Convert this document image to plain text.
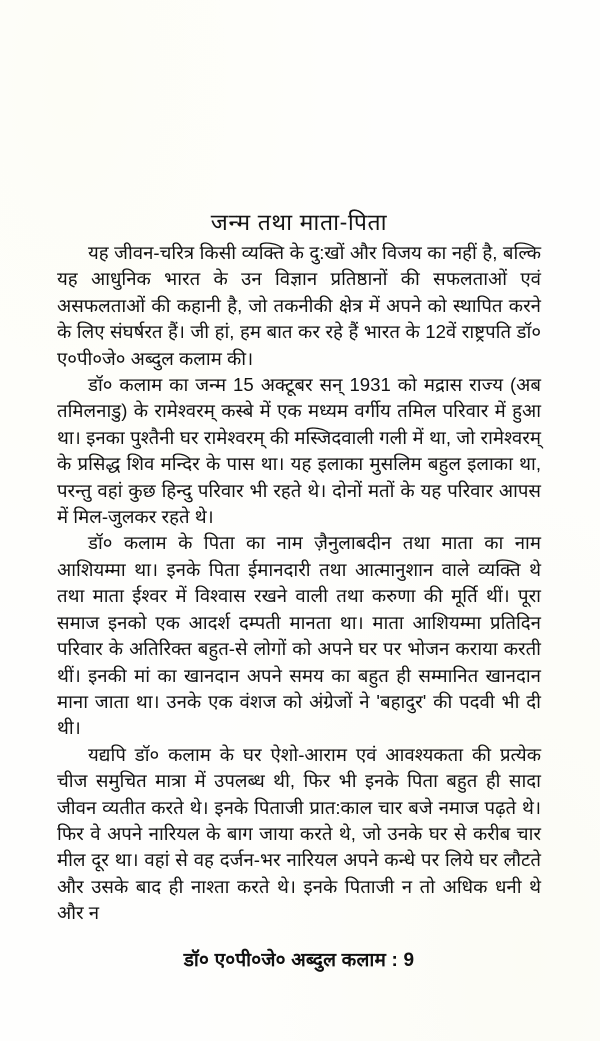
जन्म तथा माता-पिता

यह जीवन-चरित्र किसी व्यक्ति के दु:खों और विजय का नहीं है, बल्कि यह आधुनिक भारत के उन विज्ञान प्रतिष्ठानों की सफलताओं एवं असफलताओं की कहानी है, जो तकनीकी क्षेत्र में अपने को स्थापित करने के लिए संघर्षरत हैं। जी हां, हम बात कर रहे हैं भारत के 12वें राष्ट्रपति डॉ० ए०पी०जे० अब्दुल कलाम की।

डॉ० कलाम का जन्म 15 अक्टूबर सन् 1931 को मद्रास राज्य (अब तमिलनाडु) के रामेश्वरम् कस्बे में एक मध्यम वर्गीय तमिल परिवार में हुआ था। इनका पुश्तैनी घर रामेश्वरम् की मस्जिदवाली गली में था, जो रामेश्वरम् के प्रसिद्ध शिव मन्दिर के पास था। यह इलाका मुसलिम बहुल इलाका था, परन्तु वहां कुछ हिन्दु परिवार भी रहते थे। दोनों मतों के यह परिवार आपस में मिल-जुलकर रहते थे।

डॉ० कलाम के पिता का नाम ज़ैनुलाबदीन तथा माता का नाम आशियम्मा था। इनके पिता ईमानदारी तथा आत्मानुशान वाले व्यक्ति थे तथा माता ईश्वर में विश्वास रखने वाली तथा करुणा की मूर्ति थीं। पूरा समाज इनको एक आदर्श दम्पती मानता था। माता आशियम्मा प्रतिदिन परिवार के अतिरिक्त बहुत-से लोगों को अपने घर पर भोजन कराया करती थीं। इनकी मां का खानदान अपने समय का बहुत ही सम्मानित खानदान माना जाता था। उनके एक वंशज को अंग्रेजों ने 'बहादुर' की पदवी भी दी थी।

यद्यपि डॉ० कलाम के घर ऐशो-आराम एवं आवश्यकता की प्रत्येक चीज समुचित मात्रा में उपलब्ध थी, फिर भी इनके पिता बहुत ही सादा जीवन व्यतीत करते थे। इनके पिताजी प्रात:काल चार बजे नमाज पढ़ते थे। फिर वे अपने नारियल के बाग जाया करते थे, जो उनके घर से करीब चार मील दूर था। वहां से वह दर्जन-भर नारियल अपने कन्धे पर लिये घर लौटते और उसके बाद ही नाश्ता करते थे। इनके पिताजी न तो अधिक धनी थे और न

डॉ० ए०पी०जे० अब्दुल कलाम : 9
